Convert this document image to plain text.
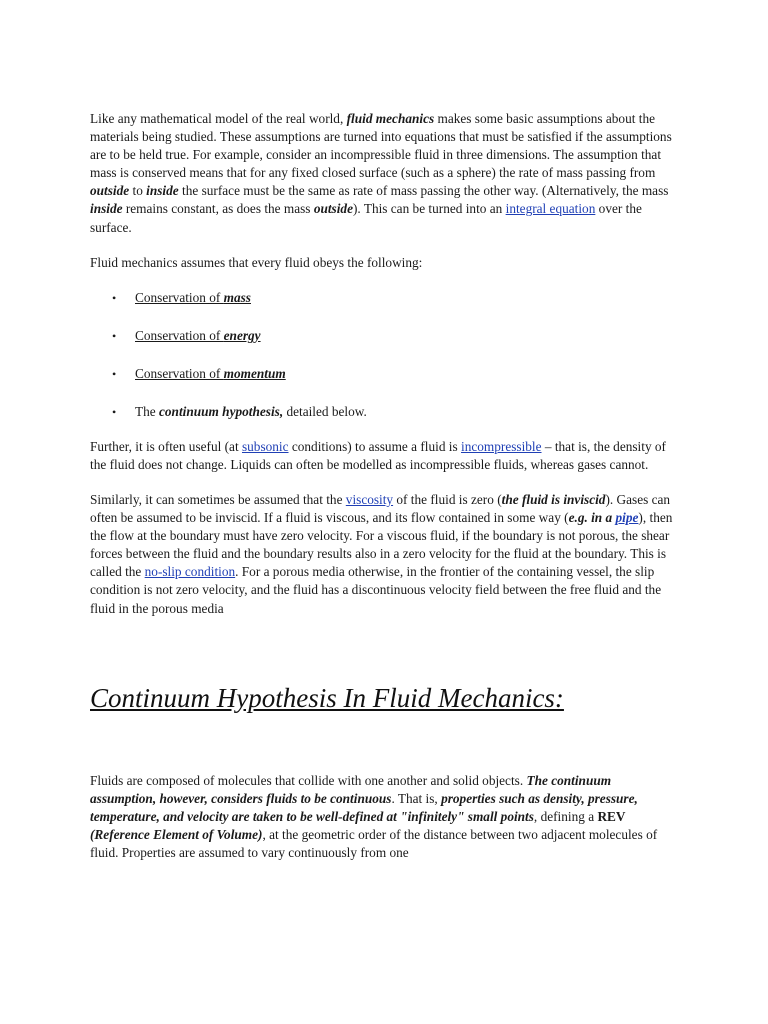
Like any mathematical model of the real world, fluid mechanics makes some basic assumptions about the materials being studied. These assumptions are turned into equations that must be satisfied if the assumptions are to be held true. For example, consider an incompressible fluid in three dimensions. The assumption that mass is conserved means that for any fixed closed surface (such as a sphere) the rate of mass passing from outside to inside the surface must be the same as rate of mass passing the other way. (Alternatively, the mass inside remains constant, as does the mass outside). This can be turned into an integral equation over the surface.

Fluid mechanics assumes that every fluid obeys the following:

• Conservation of mass
• Conservation of energy
• Conservation of momentum
• The continuum hypothesis, detailed below.

Further, it is often useful (at subsonic conditions) to assume a fluid is incompressible – that is, the density of the fluid does not change. Liquids can often be modelled as incompressible fluids, whereas gases cannot.

Similarly, it can sometimes be assumed that the viscosity of the fluid is zero (the fluid is inviscid). Gases can often be assumed to be inviscid. If a fluid is viscous, and its flow contained in some way (e.g. in a pipe), then the flow at the boundary must have zero velocity. For a viscous fluid, if the boundary is not porous, the shear forces between the fluid and the boundary results also in a zero velocity for the fluid at the boundary. This is called the no-slip condition. For a porous media otherwise, in the frontier of the containing vessel, the slip condition is not zero velocity, and the fluid has a discontinuous velocity field between the free fluid and the fluid in the porous media

Continuum Hypothesis In Fluid Mechanics:

Fluids are composed of molecules that collide with one another and solid objects. The continuum assumption, however, considers fluids to be continuous. That is, properties such as density, pressure, temperature, and velocity are taken to be well-defined at "infinitely" small points, defining a REV (Reference Element of Volume), at the geometric order of the distance between two adjacent molecules of fluid. Properties are assumed to vary continuously from one
